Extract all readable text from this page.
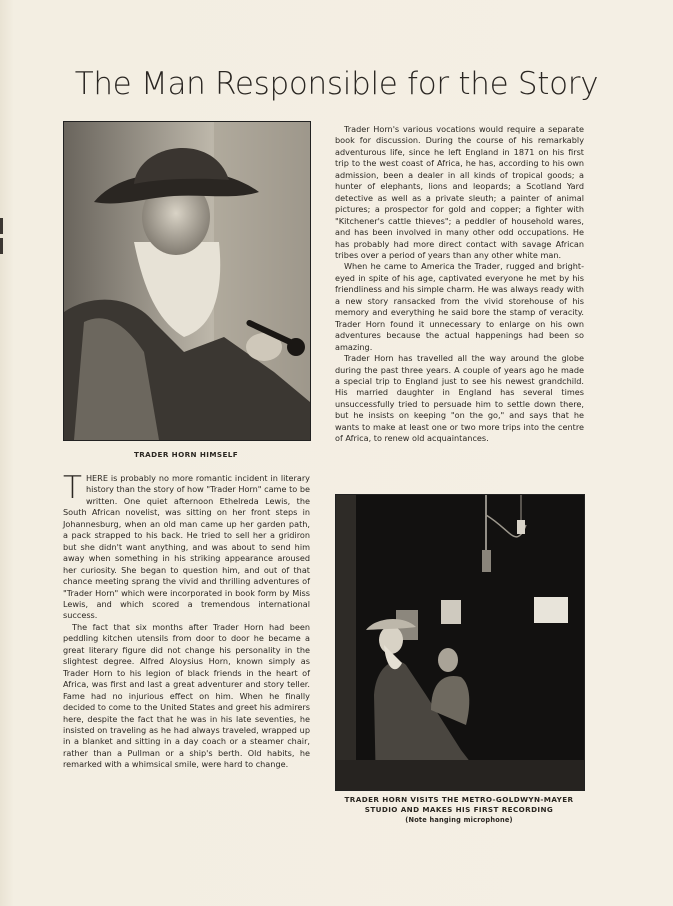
The Man Responsible for the Story
TRADER HORN HIMSELF
TRADER HORN VISITS THE METRO-GOLDWYN-MAYER
STUDIO AND MAKES HIS FIRST RECORDING
(Note hanging microphone)

THERE is probably no more romantic incident in literary history than the story of how "Trader Horn" came to be written. One quiet afternoon Ethelreda Lewis, the South African novelist, was sitting on her front steps in Johannesburg, when an old man came up her garden path, a pack strapped to his back. He tried to sell her a gridiron but she didn't want anything, and was about to send him away when something in his striking appearance aroused her curiosity. She began to question him, and out of that chance meeting sprang the vivid and thrilling adventures of "Trader Horn" which were incorporated in book form by Miss Lewis, and which scored a tremendous international success.

The fact that six months after Trader Horn had been peddling kitchen utensils from door to door he became a great literary figure did not change his personality in the slightest degree. Alfred Aloysius Horn, known simply as Trader Horn to his legion of black friends in the heart of Africa, was first and last a great adventurer and story teller. Fame had no injurious effect on him. When he finally decided to come to the United States and greet his admirers here, despite the fact that he was in his late seventies, he insisted on traveling as he had always traveled, wrapped up in a blanket and sitting in a day coach or a steamer chair, rather than a Pullman or a ship's berth. Old habits, he remarked with a whimsical smile, were hard to change.

Trader Horn's various vocations would require a separate book for discussion. During the course of his remarkably adventurous life, since he left England in 1871 on his first trip to the west coast of Africa, he has, according to his own admission, been a dealer in all kinds of tropical goods; a hunter of elephants, lions and leopards; a Scotland Yard detective as well as a private sleuth; a painter of animal pictures; a prospector for gold and copper; a fighter with "Kitchener's cattle thieves"; a peddler of household wares, and has been involved in many other odd occupations. He has probably had more direct contact with savage African tribes over a period of years than any other white man.

When he came to America the Trader, rugged and bright-eyed in spite of his age, captivated everyone he met by his friendliness and his simple charm. He was always ready with a new story ransacked from the vivid storehouse of his memory and everything he said bore the stamp of veracity. Trader Horn found it unnecessary to enlarge on his own adventures because the actual happenings had been so amazing.

Trader Horn has travelled all the way around the globe during the past three years. A couple of years ago he made a special trip to England just to see his newest grandchild. His married daughter in England has several times unsuccessfully tried to persuade him to settle down there, but he insists on keeping "on the go," and says that he wants to make at least one or two more trips into the centre of Africa, to renew old acquaintances.
